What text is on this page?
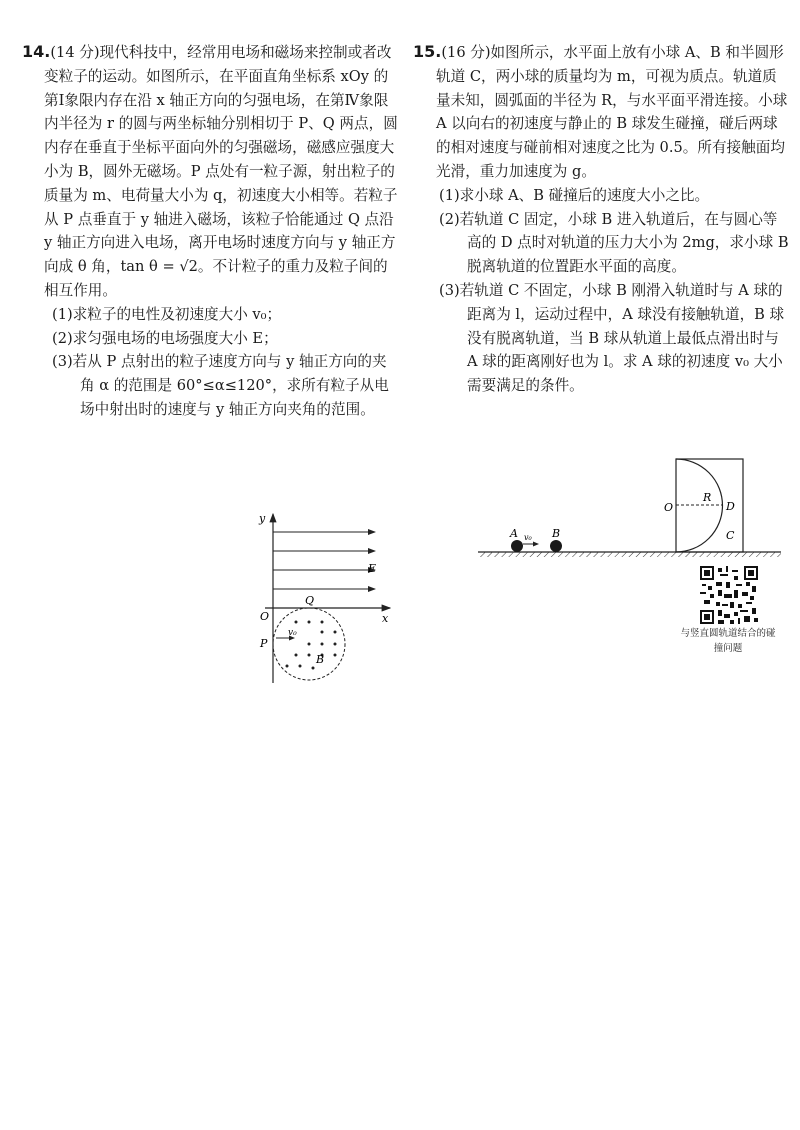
14.(14 分)现代科技中，经常用电场和磁场来控制或者改变粒子的运动。如图所示，在平面直角坐标系 xOy 的第Ⅰ象限内存在沿 x 轴正方向的匀强电场，在第Ⅳ象限内半径为 r 的圆与两坐标轴分别相切于 P、Q 两点，圆内存在垂直于坐标平面向外的匀强磁场，磁感应强度大小为 B，圆外无磁场。P 点处有一粒子源，射出粒子的质量为 m、电荷量大小为 q，初速度大小相等。若粒子从 P 点垂直于 y 轴进入磁场，该粒子恰能通过 Q 点沿 y 轴正方向进入电场，离开电场时速度方向与 y 轴正方向成 θ 角，tan θ = √2。不计粒子的重力及粒子间的相互作用。

(1)求粒子的电性及初速度大小 v₀；

(2)求匀强电场的电场强度大小 E；

(3)若从 P 点射出的粒子速度方向与 y 轴正方向的夹角 α 的范围是 60°≤α≤120°，求所有粒子从电场中射出时的速度与 y 轴正方向夹角的范围。

y
x
O
Q
P
E
B
v₀

15.(16 分)如图所示，水平面上放有小球 A、B 和半圆形轨道 C，两小球的质量均为 m，可视为质点。轨道质量未知，圆弧面的半径为 R，与水平面平滑连接。小球 A 以向右的初速度与静止的 B 球发生碰撞，碰后两球的相对速度与碰前相对速度之比为 0.5。所有接触面均光滑，重力加速度为 g。

(1)求小球 A、B 碰撞后的速度大小之比。

(2)若轨道 C 固定，小球 B 进入轨道后，在与圆心等高的 D 点时对轨道的压力大小为 2mg，求小球 B 脱离轨道的位置距水平面的高度。

(3)若轨道 C 不固定，小球 B 刚滑入轨道时与 A 球的距离为 l，运动过程中，A 球没有接触轨道，B 球没有脱离轨道，当 B 球从轨道上最低点滑出时与 A 球的距离刚好也为 l。求 A 球的初速度 v₀ 大小需要满足的条件。

A	B
v₀
O
R
D
C
与竖直圆轨道结合的碰撞问题
